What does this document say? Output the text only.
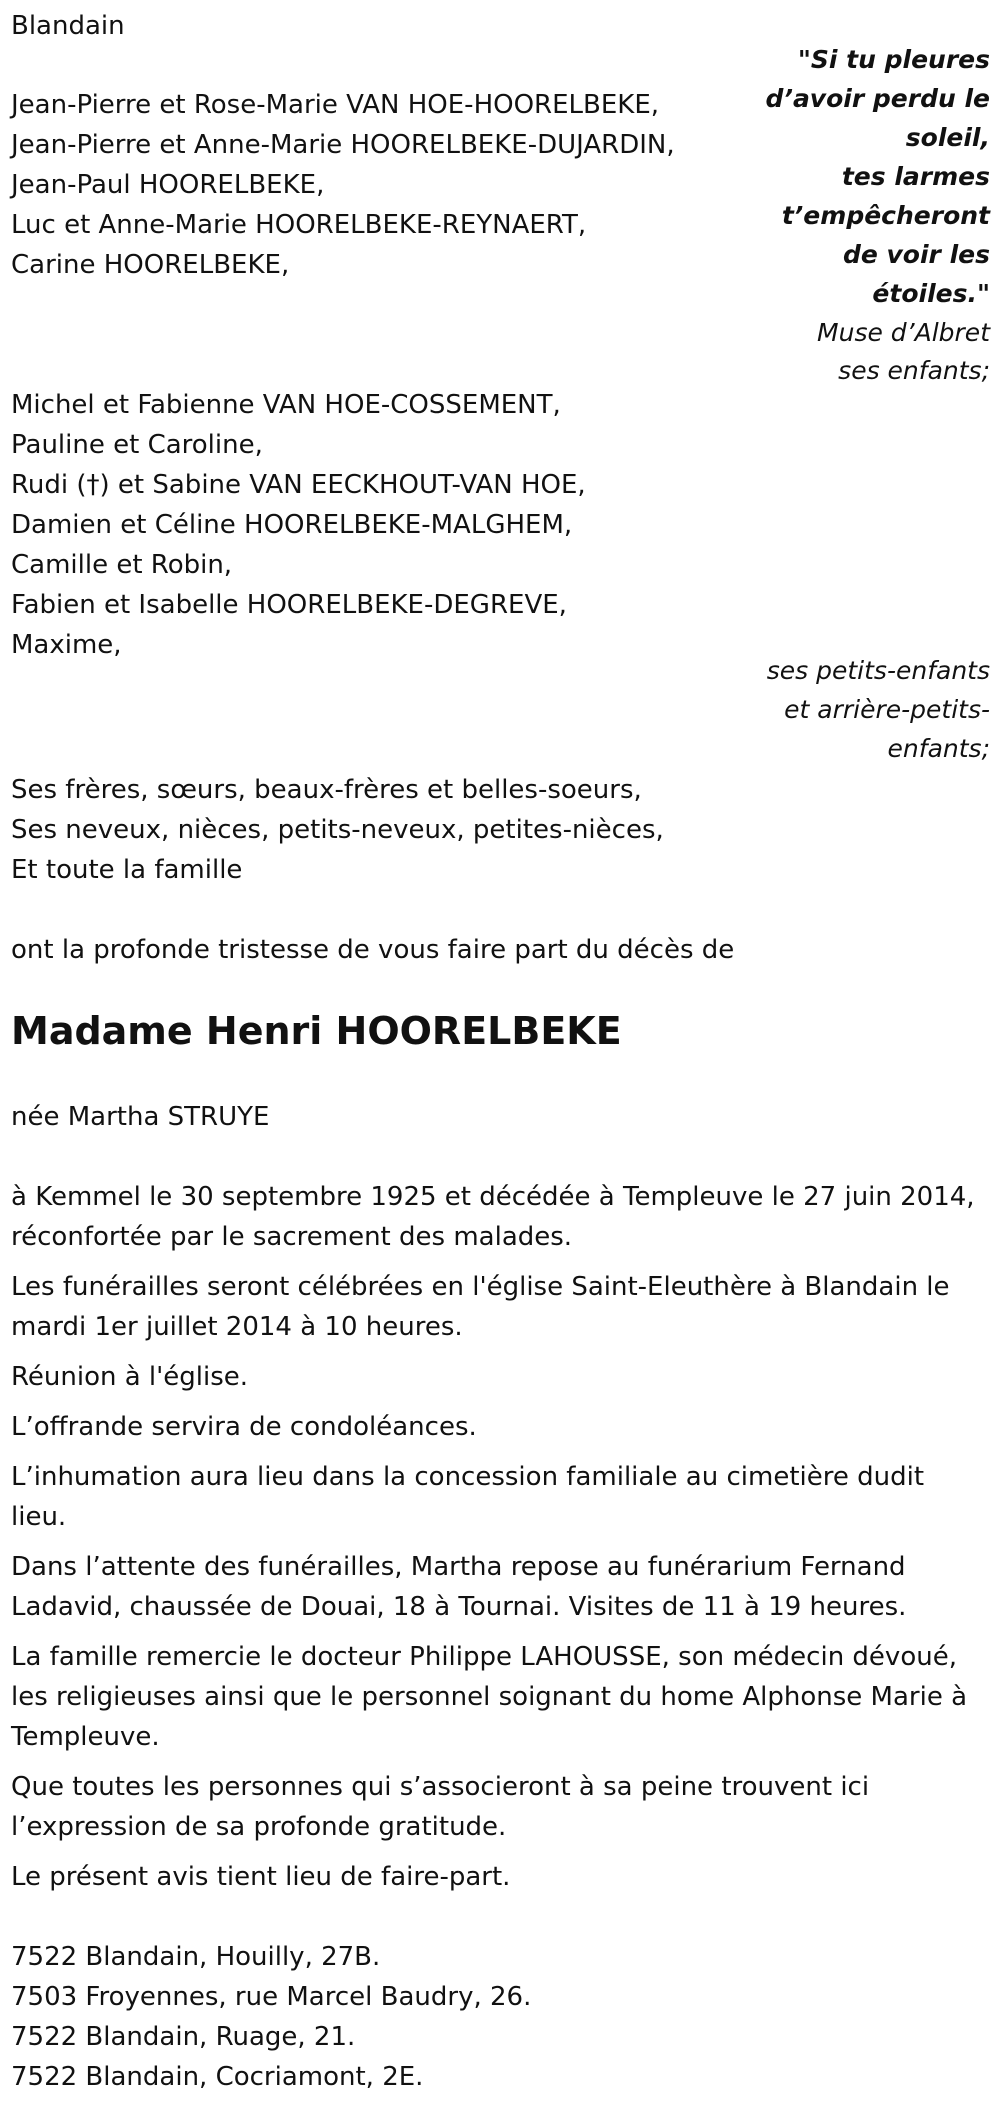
Blandain
Jean-Pierre et Rose-Marie VAN HOE-HOORELBEKE,
Jean-Pierre et Anne-Marie HOORELBEKE-DUJARDIN,
Jean-Paul HOORELBEKE,
Luc et Anne-Marie HOORELBEKE-REYNAERT,
Carine HOORELBEKE,
"Si tu pleures
d’avoir perdu le
soleil,
tes larmes
t’empêcheront
de voir les
étoiles."
Muse d’Albret
ses enfants;
Michel et Fabienne VAN HOE-COSSEMENT,
Pauline et Caroline,
Rudi (†) et Sabine VAN EECKHOUT-VAN HOE,
Damien et Céline HOORELBEKE-MALGHEM,
Camille et Robin,
Fabien et Isabelle HOORELBEKE-DEGREVE,
Maxime,
ses petits-enfants
et arrière-petits-
enfants;
Ses frères, sœurs, beaux-frères et belles-soeurs,
Ses neveux, nièces, petits-neveux, petites-nièces,
Et toute la famille
ont la profonde tristesse de vous faire part du décès de
Madame Henri HOORELBEKE
née Martha STRUYE
à Kemmel le 30 septembre 1925 et décédée à Templeuve le 27 juin 2014,
réconfortée par le sacrement des malades.
Les funérailles seront célébrées en l'église Saint-Eleuthère à Blandain le
mardi 1er juillet 2014 à 10 heures.
Réunion à l'église.
L’offrande servira de condoléances.
L’inhumation aura lieu dans la concession familiale au cimetière dudit
lieu.
Dans l’attente des funérailles, Martha repose au funérarium Fernand
Ladavid, chaussée de Douai, 18 à Tournai. Visites de 11 à 19 heures.
La famille remercie le docteur Philippe LAHOUSSE, son médecin dévoué,
les religieuses ainsi que le personnel soignant du home Alphonse Marie à
Templeuve.
Que toutes les personnes qui s’associeront à sa peine trouvent ici
l’expression de sa profonde gratitude.
Le présent avis tient lieu de faire-part.
7522 Blandain, Houilly, 27B.
7503 Froyennes, rue Marcel Baudry, 26.
7522 Blandain, Ruage, 21.
7522 Blandain, Cocriamont, 2E.
